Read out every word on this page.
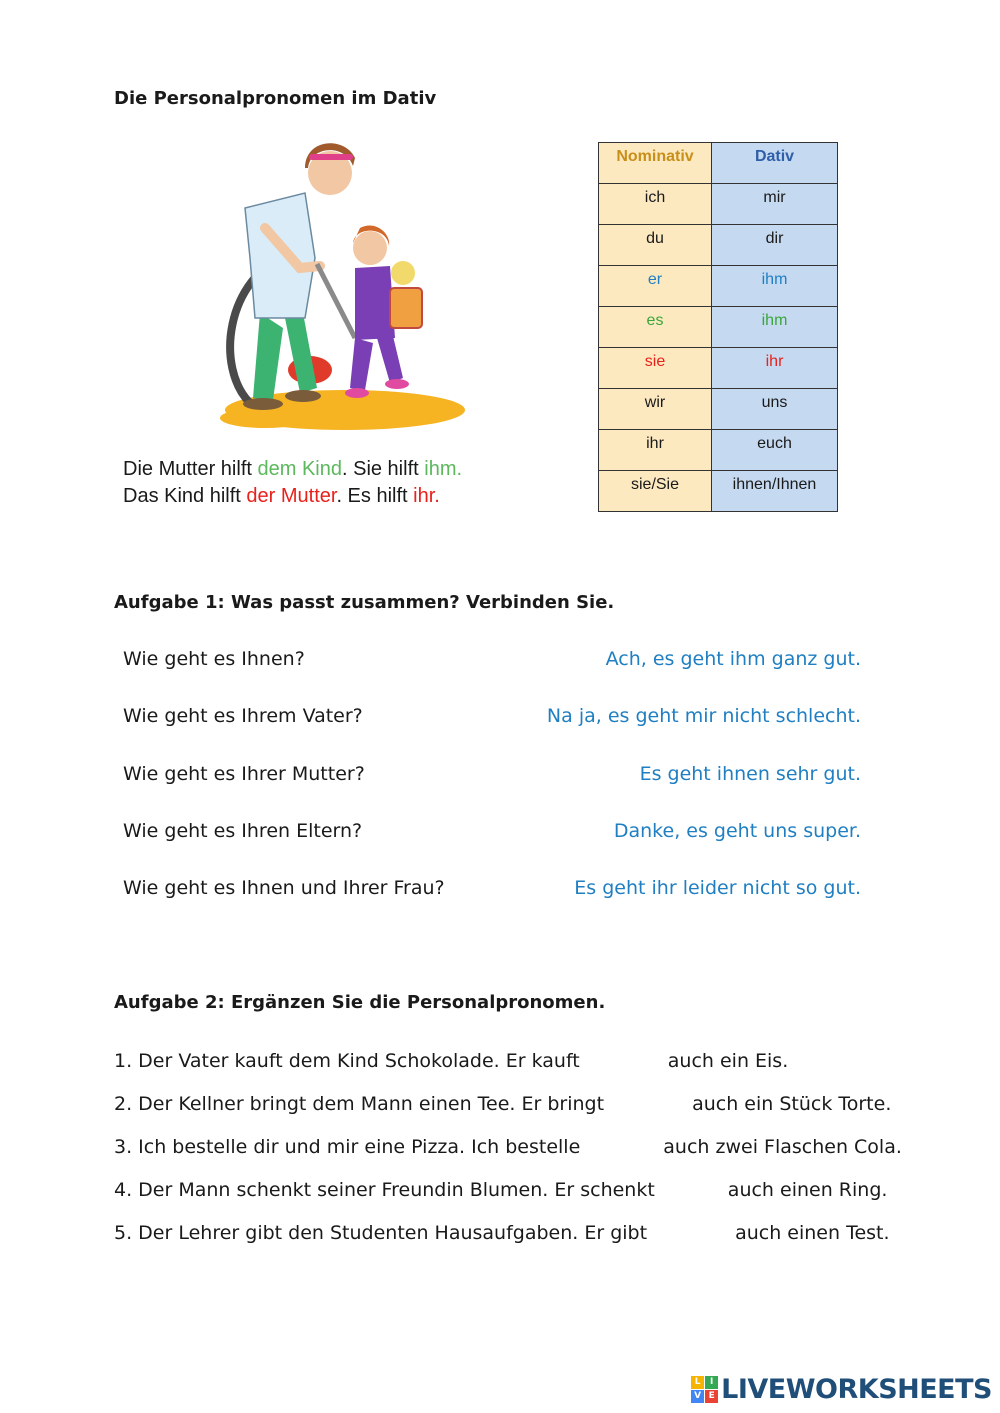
Die Personalpronomen im Dativ
Die Mutter hilft dem Kind. Sie hilft ihm.
Das Kind hilft der Mutter. Es hilft ihr.
Nominativ	Dativ
ich	mir
du	dir
er	ihm
es	ihm
sie	ihr
wir	uns
ihr	euch
sie/Sie	ihnen/Ihnen
Aufgabe 1: Was passt zusammen? Verbinden Sie.
Wie geht es Ihnen?	Ach, es geht ihm ganz gut.
Wie geht es Ihrem Vater?	Na ja, es geht mir nicht schlecht.
Wie geht es Ihrer Mutter?	Es geht ihnen sehr gut.
Wie geht es Ihren Eltern?	Danke, es geht uns super.
Wie geht es Ihnen und Ihrer Frau?	Es geht ihr leider nicht so gut.
Aufgabe 2: Ergänzen Sie die Personalpronomen.
1. Der Vater kauft dem Kind Schokolade. Er kauft	auch ein Eis.
2. Der Kellner bringt dem Mann einen Tee. Er bringt	auch ein Stück Torte.
3. Ich bestelle dir und mir eine Pizza. Ich bestelle	auch zwei Flaschen Cola.
4. Der Mann schenkt seiner Freundin Blumen. Er schenkt	auch einen Ring.
5. Der Lehrer gibt den Studenten Hausaufgaben. Er gibt	auch einen Test.
L	I
V E LIVEWORKSHEETS
